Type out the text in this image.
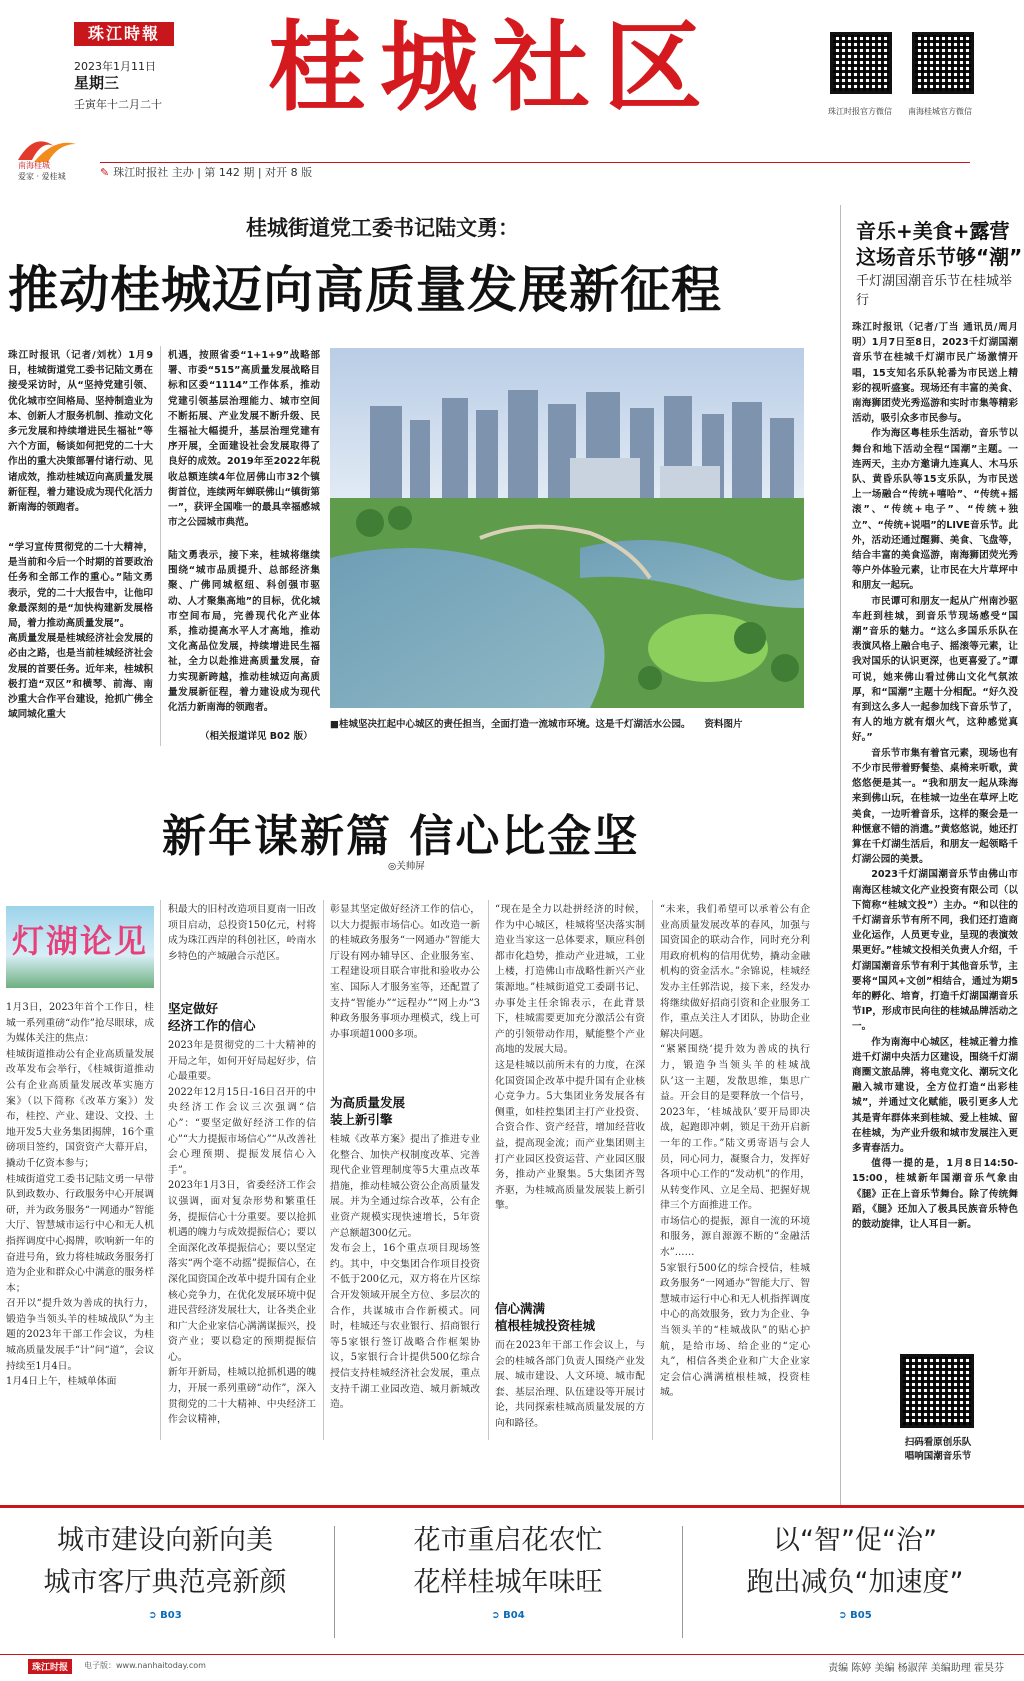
珠江時報
2023年1月11日
星期三
壬寅年十二月二十 桂城社区	珠江时报官方微信 南海桂城官方微信
南海桂城
爱家 · 爱桂城	✎ 珠江时报社 主办 | 第 142 期 | 对开 8 版
桂城街道党工委书记陆文勇：
推动桂城迈向高质量发展新征程
珠江时报讯（记者/刘枕）1月9日，桂城街道党工委书记陆文勇在接受采访时，从“坚持党建引领、优化城市空间格局、坚持制造业为本、创新人才服务机制、推动文化多元发展和持续增进民生福祉”等六个方面，畅谈如何把党的二十大作出的重大决策部署付诸行动、见诸成效，推动桂城迈向高质量发展新征程，着力建设成为现代化活力新南海的领跑者。
“学习宣传贯彻党的二十大精神，是当前和今后一个时期的首要政治任务和全部工作的重心。”陆文勇表示，党的二十大报告中，让他印象最深刻的是“加快构建新发展格局，着力推动高质量发展”。
高质量发展是桂城经济社会发展的必由之路，也是当前桂城经济社会发展的首要任务。近年来，桂城积极打造“双区”和横琴、前海、南沙重大合作平台建设，抢抓广佛全域同城化重大
机遇，按照省委“1+1+9”战略部署、市委“515”高质量发展战略目标和区委“1114”工作体系，推动党建引领基层治理能力、城市空间不断拓展、产业发展不断升级、民生福祉大幅提升，基层治理党建有序开展，全面建设社会发展取得了良好的成效。2019年至2022年税收总额连续4年位居佛山市32个镇街首位，连续两年蝉联佛山“镇街第一”，获评全国唯一的最具幸福感城市之公园城市典范。
陆文勇表示，接下来，桂城将继续围绕“城市品质提升、总部经济集聚、广佛同城枢纽、科创强市驱动、人才聚集高地”的目标，优化城市空间布局，完善现代化产业体系，推动提高水平人才高地，推动文化高品位发展，持续增进民生福祉，全力以赴推进高质量发展，奋力实现新跨越，推动桂城迈向高质量发展新征程，着力建设成为现代化活力新南海的领跑者。
（相关报道详见 B02 版）
■桂城坚决扛起中心城区的责任担当，全面打造一流城市环境。这是千灯湖活水公园。 资料图片
音乐+美食+露营 这场音乐节够“潮”
千灯湖国潮音乐节在桂城举行

珠江时报讯（记者/丁当 通讯员/周月明）1月7日至8日，2023千灯湖国潮音乐节在桂城千灯湖市民广场激情开唱，15支知名乐队轮番为市民送上精彩的视听盛宴。现场还有丰富的美食、南海狮团荧光秀巡游和实时市集等精彩活动，吸引众多市民参与。

作为海区粤桂乐生活动，音乐节以舞台和地下活动全程“国潮”主题。一连两天，主办方邀请九连真人、木马乐队、黄昏乐队等15支乐队，为市民送上一场融合“传统+嘻哈”、“传统+摇滚”、“传统+电子”、“传统+独立”、“传统+说唱”的LIVE音乐节。此外，活动还通过醒狮、美食、飞盘等，结合丰富的美食巡游，南海狮团荧光秀等户外体验元素，让市民在大片草坪中和朋友一起玩。

市民谭可和朋友一起从广州南沙驱车赶到桂城，到音乐节现场感受“国潮”音乐的魅力。“这么多国乐乐队在表演风格上融合电子、摇滚等元素，让我对国乐的认识更深，也更喜爱了。”谭可说，她来佛山看过佛山文化气氛浓厚，和“国潮”主题十分相配。“好久没有到这么多人一起参加线下音乐节了，有人的地方就有烟火气，这种感觉真好。”

音乐节市集有着官元素，现场也有不少市民带着野餐垫、桌椅来听歌，黄悠悠便是其一。“我和朋友一起从珠海来到佛山玩，在桂城一边坐在草坪上吃美食，一边听着音乐，这样的聚会是一种惬意不错的消遣。”黄悠悠说，她还打算在千灯湖生活后，和朋友一起领略千灯湖公园的美景。

2023千灯湖国潮音乐节由佛山市南海区桂城文化产业投资有限公司（以下简称“桂城文投”）主办。“和以往的千灯湖音乐节有所不同，我们还打造商业化运作，人员更专业，呈现的表演效果更好。”桂城文投相关负责人介绍，千灯湖国潮音乐节有利于其他音乐节，主要将“国风+文创”相结合，通过为期5年的孵化、培育，打造千灯湖国潮音乐节IP，形成市民向往的桂城品牌活动之一。

作为南海中心城区，桂城正着力推进千灯湖中央活力区建设，围绕千灯湖商圈文旅品牌，将电竞文化、潮玩文化融入城市建设，全方位打造“出彩桂城”，并通过文化赋能，吸引更多人尤其是青年群体来到桂城、爱上桂城、留在桂城，为产业升级和城市发展注入更多青春活力。

值得一提的是，1月8日14:50-15:00，桂城新年国潮音乐气象由《腿》正在上音乐节舞台。除了传统舞蹈，《腿》还加入了极具民族音乐特色的鼓动旋律，让人耳目一新。

扫码看原创乐队
唱响国潮音乐节
新年谋新篇 信心比金坚
◎关帅屏
灯湖论见
1月3日，2023年首个工作日，桂城一系列重磅“动作”抢尽眼球，成为媒体关注的焦点：
桂城街道推动公有企业高质量发展改革发布会举行，《桂城街道推动公有企业高质量发展改革实施方案》（以下简称《改革方案》）发布，桂控、产业、建设、文投、土地开发5大业务集团揭牌，16个重磅项目签约，国资资产大幕开启，撬动千亿资本参与；
桂城街道党工委书记陆文勇一早带队到政数办、行政服务中心开展调研，并为政务服务“一网通办”智能大厅、智慧城市运行中心和无人机指挥调度中心揭牌，吹响新一年的奋进号角，致力将桂城政务服务打造为企业和群众心中满意的服务样本；
召开以“提升效为善成的执行力，锻造争当领头羊的桂城战队”为主题的2023年干部工作会议，为桂城高质量发展手“计”问“道”，会议持续至1月4日。
1月4日上午，桂城单体面
积最大的旧村改造项目夏南一旧改项目启动，总投资150亿元，村将成为珠江西岸的科创社区，岭南水乡特色的产城融合示范区。
坚定做好
经济工作的信心
2023年是贯彻党的二十大精神的开局之年，如何开好局起好步，信心最重要。
2022年12月15日-16日召开的中央经济工作会议三次强调“信心”：“要坚定做好经济工作的信心”“大力提振市场信心”“从改善社会心理预期、提振发展信心入手”。
2023年1月3日，省委经济工作会议强调，面对复杂形势和繁重任务，提振信心十分重要。要以抢抓机遇的魄力与成效提振信心；要以全面深化改革提振信心；要以坚定落实“两个毫不动摇”提振信心，在深化国资国企改革中提升国有企业核心竞争力，在优化发展环境中促进民营经济发展壮大，让各类企业和广大企业家信心满满谋振兴，投资产业；要以稳定的预期提振信心。
新年开新局，桂城以抢抓机遇的魄力，开展一系列重磅“动作”，深入贯彻党的二十大精神、中央经济工作会议精神，
彰显其坚定做好经济工作的信心，以大力提振市场信心。如改造一新的桂城政务服务“一网通办”智能大厅设有网办辅导区、企业服务室、工程建设项目联合审批和验收办公室、国际人才服务室等，还配置了支持“智能办”“远程办”“网上办”3种政务服务事项办理模式，线上可办事项超1000多项。
为高质量发展
装上新引擎
桂城《改革方案》提出了推进专业化整合、加快产权制度改革、完善现代企业管理制度等5大重点改革措施，推动桂城公资公企高质量发展。并为全通过综合改革，公有企业资产规模实现快速增长，5年资产总额超300亿元。
发布会上，16个重点项目现场签约。其中，中交集团合作项目投资不低于200亿元，双方将在片区综合开发领域开展全方位、多层次的合作，共谋城市合作新模式。同时，桂城还与农业银行、招商银行等5家银行签订战略合作框架协议，5家银行合计提供500亿综合授信支持桂城经济社会发展，重点支持千湖工业园改造、城月新城改造。
“现在是全力以赴拼经济的时候，作为中心城区，桂城将坚决落实制造业当家这一总体要求，顺应科创都市化趋势，推动产业进城，工业上楼，打造佛山市战略性新兴产业策源地。”桂城街道党工委副书记、办事处主任余锦表示，在此背景下，桂城需要更加充分激活公有资产的引领带动作用，赋能整个产业高地的发展大局。
这是桂城以前所未有的力度，在深化国资国企改革中提升国有企业核心竞争力。5大集团业务发展各有侧重，如桂控集团主打产业投资、合资合作、资产经营，增加经营收益，提高现金流；而产业集团则主打产业园区投资运营、产业园区服务，推动产业聚集。5大集团齐驾齐驱，为桂城高质量发展装上新引擎。
信心满满
植根桂城投资桂城
而在2023年干部工作会议上，与会的桂城各部门负责人围绕产业发展、城市建设、人文环境、城市配套、基层治理、队伍建设等开展讨论，共同探索桂城高质量发展的方向和路径。
“未来，我们希望可以承着公有企业高质量发展改革的春风，加强与国资国企的联动合作，同时充分利用政府机构的信用优势，撬动金融机构的资金活水。”余锦说，桂城经发办主任郭浩说，接下来，经发办将继续做好招商引资和企业服务工作，重点关注人才团队，协助企业解决问题。
“紧紧围绕‘提升效为善成的执行力，锻造争当领头羊的桂城战队’这一主题，发散思维，集思广益。开会目的是要释放一个信号，2023年，‘桂城战队’要开局即决战，起跑即冲刺，锁足干劲开启新一年的工作。”陆文勇寄语与会人员，同心同力，凝聚合力，发挥好各项中心工作的“发动机”的作用，从转变作风、立足全局、把握好规律三个方面推进工作。
市场信心的提振，源自一流的环境和服务，源自源源不断的“金融活水”……
5家银行500亿的综合授信，桂城政务服务“一网通办”智能大厅、智慧城市运行中心和无人机指挥调度中心的高效服务，致力为企业、争当领头羊的“桂城战队”的贴心护航，是给市场、给企业的“定心丸”，相信各类企业和广大企业家定会信心满满植根桂城，投资桂城。
城市建设向新向美
城市客厅典范亮新颜
➲ B03
花市重启花农忙
花样桂城年味旺
➲ B04
以“智”促“治”
跑出减负“加速度”
➲ B05
珠江时报	电子版：www.nanhaitoday.com	责编 陈婷 美编 杨淑萍 美编助理 霍昊芬
